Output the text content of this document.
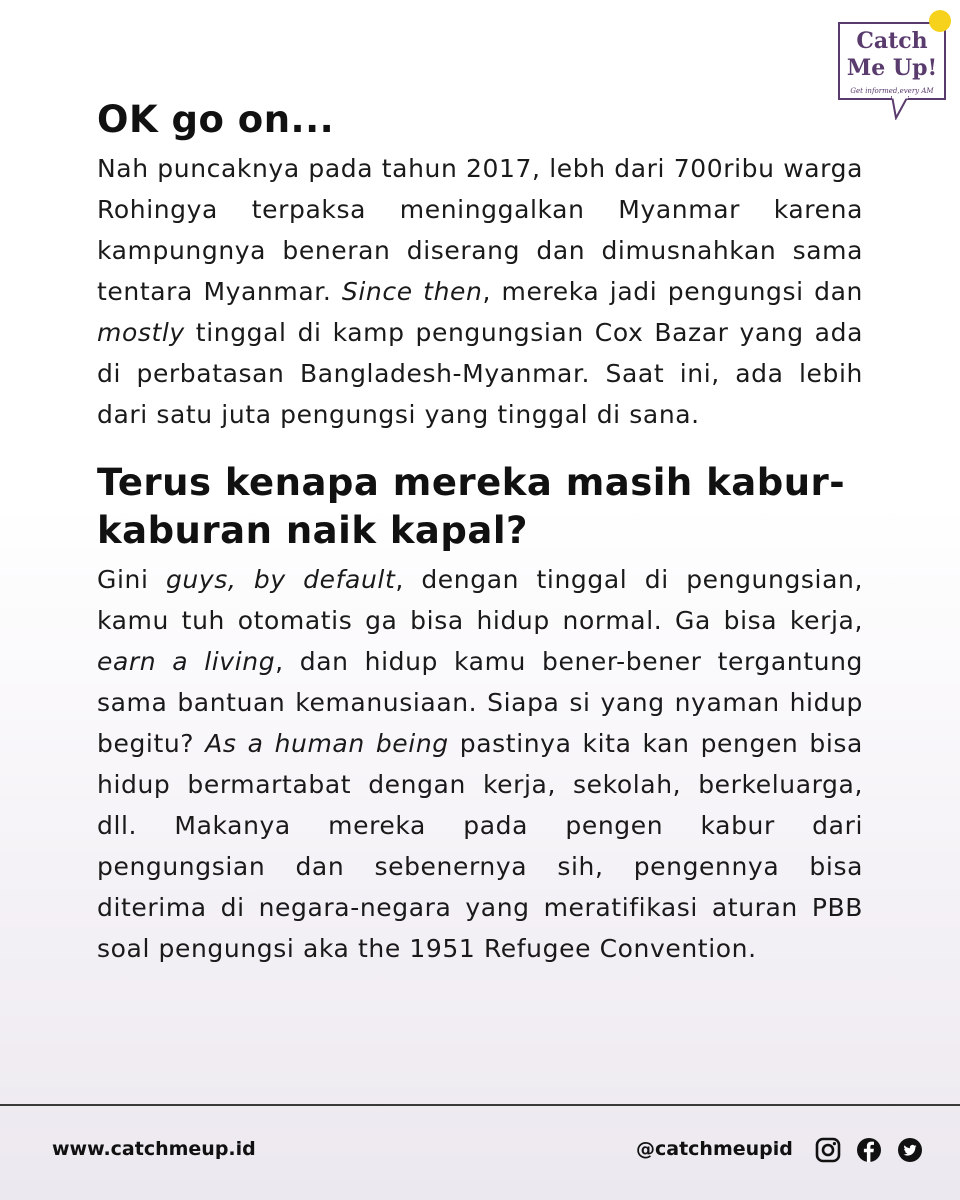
Catch
Me Up!
Get informed,every AM
OK go on...

Nah puncaknya pada tahun 2017, lebh dari 700ribu warga Rohingya terpaksa meninggalkan Myanmar karena kampungnya beneran diserang dan dimusnahkan sama tentara Myanmar. Since then, mereka jadi pengungsi dan mostly tinggal di kamp pengungsian Cox Bazar yang ada di perbatasan Bangladesh-Myanmar. Saat ini, ada lebih dari satu juta pengungsi yang tinggal di sana.

Terus kenapa mereka masih kabur-kaburan naik kapal?

Gini guys, by default, dengan tinggal di pengungsian, kamu tuh otomatis ga bisa hidup normal. Ga bisa kerja, earn a living, dan hidup kamu bener-bener tergantung sama bantuan kemanusiaan. Siapa si yang nyaman hidup begitu? As a human being pastinya kita kan pengen bisa hidup bermartabat dengan kerja, sekolah, berkeluarga, dll. Makanya mereka pada pengen kabur dari pengungsian dan sebenernya sih, pengennya bisa diterima di negara-negara yang meratifikasi aturan PBB soal pengungsi aka the 1951 Refugee Convention.

www.catchmeup.id	@catchmeupid
